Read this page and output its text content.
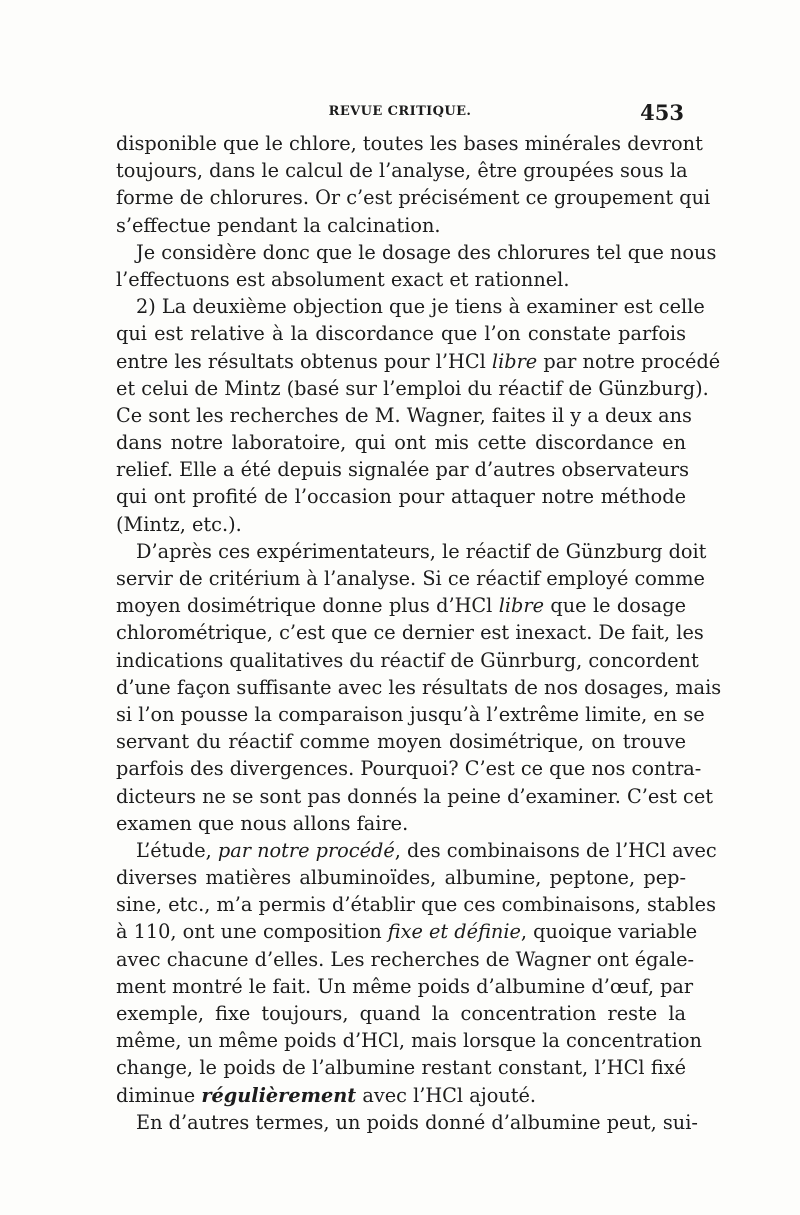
REVUE CRITIQUE.	453
disponible que le chlore, toutes les bases minérales devront
toujours, dans le calcul de l’analyse, être groupées sous la
forme de chlorures. Or c’est précisément ce groupement qui
s’effectue pendant la calcination.
Je considère donc que le dosage des chlorures tel que nous
l’effectuons est absolument exact et rationnel.
2) La deuxième objection que je tiens à examiner est celle
qui est relative à la discordance que l’on constate parfois
entre les résultats obtenus pour l’HCl libre par notre procédé
et celui de Mintz (basé sur l’emploi du réactif de Günzburg).
Ce sont les recherches de M. Wagner, faites il y a deux ans
dans notre laboratoire, qui ont mis cette discordance en
relief. Elle a été depuis signalée par d’autres observateurs
qui ont profité de l’occasion pour attaquer notre méthode
(Mintz, etc.).
D’après ces expérimentateurs, le réactif de Günzburg doit
servir de critérium à l’analyse. Si ce réactif employé comme
moyen dosimétrique donne plus d’HCl libre que le dosage
chlorométrique, c’est que ce dernier est inexact. De fait, les
indications qualitatives du réactif de Günrburg, concordent
d’une façon suffisante avec les résultats de nos dosages, mais
si l’on pousse la comparaison jusqu’à l’extrême limite, en se
servant du réactif comme moyen dosimétrique, on trouve
parfois des divergences. Pourquoi? C’est ce que nos contra-
dicteurs ne se sont pas donnés la peine d’examiner. C’est cet
examen que nous allons faire.
L’étude, par notre procédé, des combinaisons de l’HCl avec
diverses matières albuminoïdes, albumine, peptone, pep-
sine, etc., m’a permis d’établir que ces combinaisons, stables
à 110, ont une composition fixe et définie, quoique variable
avec chacune d’elles. Les recherches de Wagner ont égale-
ment montré le fait. Un même poids d’albumine d’œuf, par
exemple, fixe toujours, quand la concentration reste la
même, un même poids d’HCl, mais lorsque la concentration
change, le poids de l’albumine restant constant, l’HCl fixé
diminue régulièrement avec l’HCl ajouté.
En d’autres termes, un poids donné d’albumine peut, sui-
